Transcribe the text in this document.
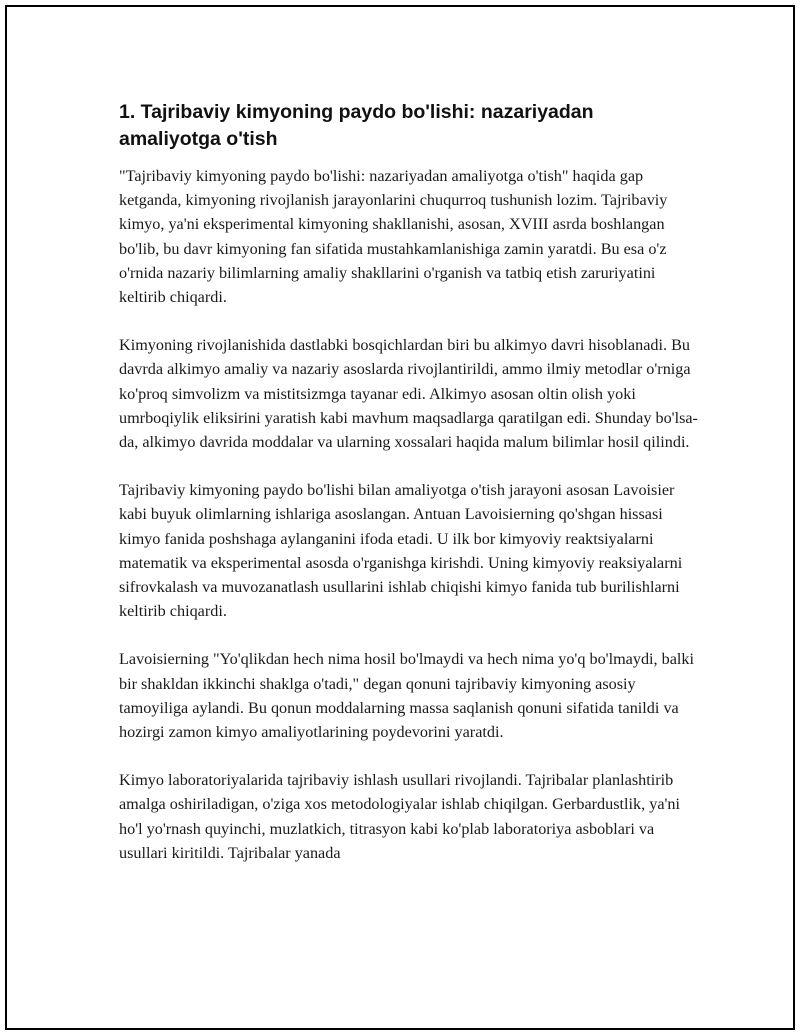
1. Tajribaviy kimyoning paydo bo'lishi: nazariyadan amaliyotga o'tish

"Tajribaviy kimyoning paydo bo'lishi: nazariyadan amaliyotga o'tish" haqida gap ketganda, kimyoning rivojlanish jarayonlarini chuqurroq tushunish lozim. Tajribaviy kimyo, ya'ni eksperimental kimyoning shakllanishi, asosan, XVIII asrda boshlangan bo'lib, bu davr kimyoning fan sifatida mustahkamlanishiga zamin yaratdi. Bu esa o'z o'rnida nazariy bilimlarning amaliy shakllarini o'rganish va tatbiq etish zaruriyatini keltirib chiqardi.

Kimyoning rivojlanishida dastlabki bosqichlardan biri bu alkimyo davri hisoblanadi. Bu davrda alkimyo amaliy va nazariy asoslarda rivojlantirildi, ammo ilmiy metodlar o'rniga ko'proq simvolizm va mistitsizmga tayanar edi. Alkimyo asosan oltin olish yoki umrboqiylik eliksirini yaratish kabi mavhum maqsadlarga qaratilgan edi. Shunday bo'lsa-da, alkimyo davrida moddalar va ularning xossalari haqida malum bilimlar hosil qilindi.

Tajribaviy kimyoning paydo bo'lishi bilan amaliyotga o'tish jarayoni asosan Lavoisier kabi buyuk olimlarning ishlariga asoslangan. Antuan Lavoisierning qo'shgan hissasi kimyo fanida poshshaga aylanganini ifoda etadi. U ilk bor kimyoviy reaktsiyalarni matematik va eksperimental asosda o'rganishga kirishdi. Uning kimyoviy reaksiyalarni sifrovkalash va muvozanatlash usullarini ishlab chiqishi kimyo fanida tub burilishlarni keltirib chiqardi.

Lavoisierning "Yo'qlikdan hech nima hosil bo'lmaydi va hech nima yo'q bo'lmaydi, balki bir shakldan ikkinchi shaklga o'tadi," degan qonuni tajribaviy kimyoning asosiy tamoyiliga aylandi. Bu qonun moddalarning massa saqlanish qonuni sifatida tanildi va hozirgi zamon kimyo amaliyotlarining poydevorini yaratdi.

Kimyo laboratoriyalarida tajribaviy ishlash usullari rivojlandi. Tajribalar planlashtirib amalga oshiriladigan, o'ziga xos metodologiyalar ishlab chiqilgan. Gerbardustlik, ya'ni ho'l yo'rnash quyinchi, muzlatkich, titrasyon kabi ko'plab laboratoriya asboblari va usullari kiritildi. Tajribalar yanada
